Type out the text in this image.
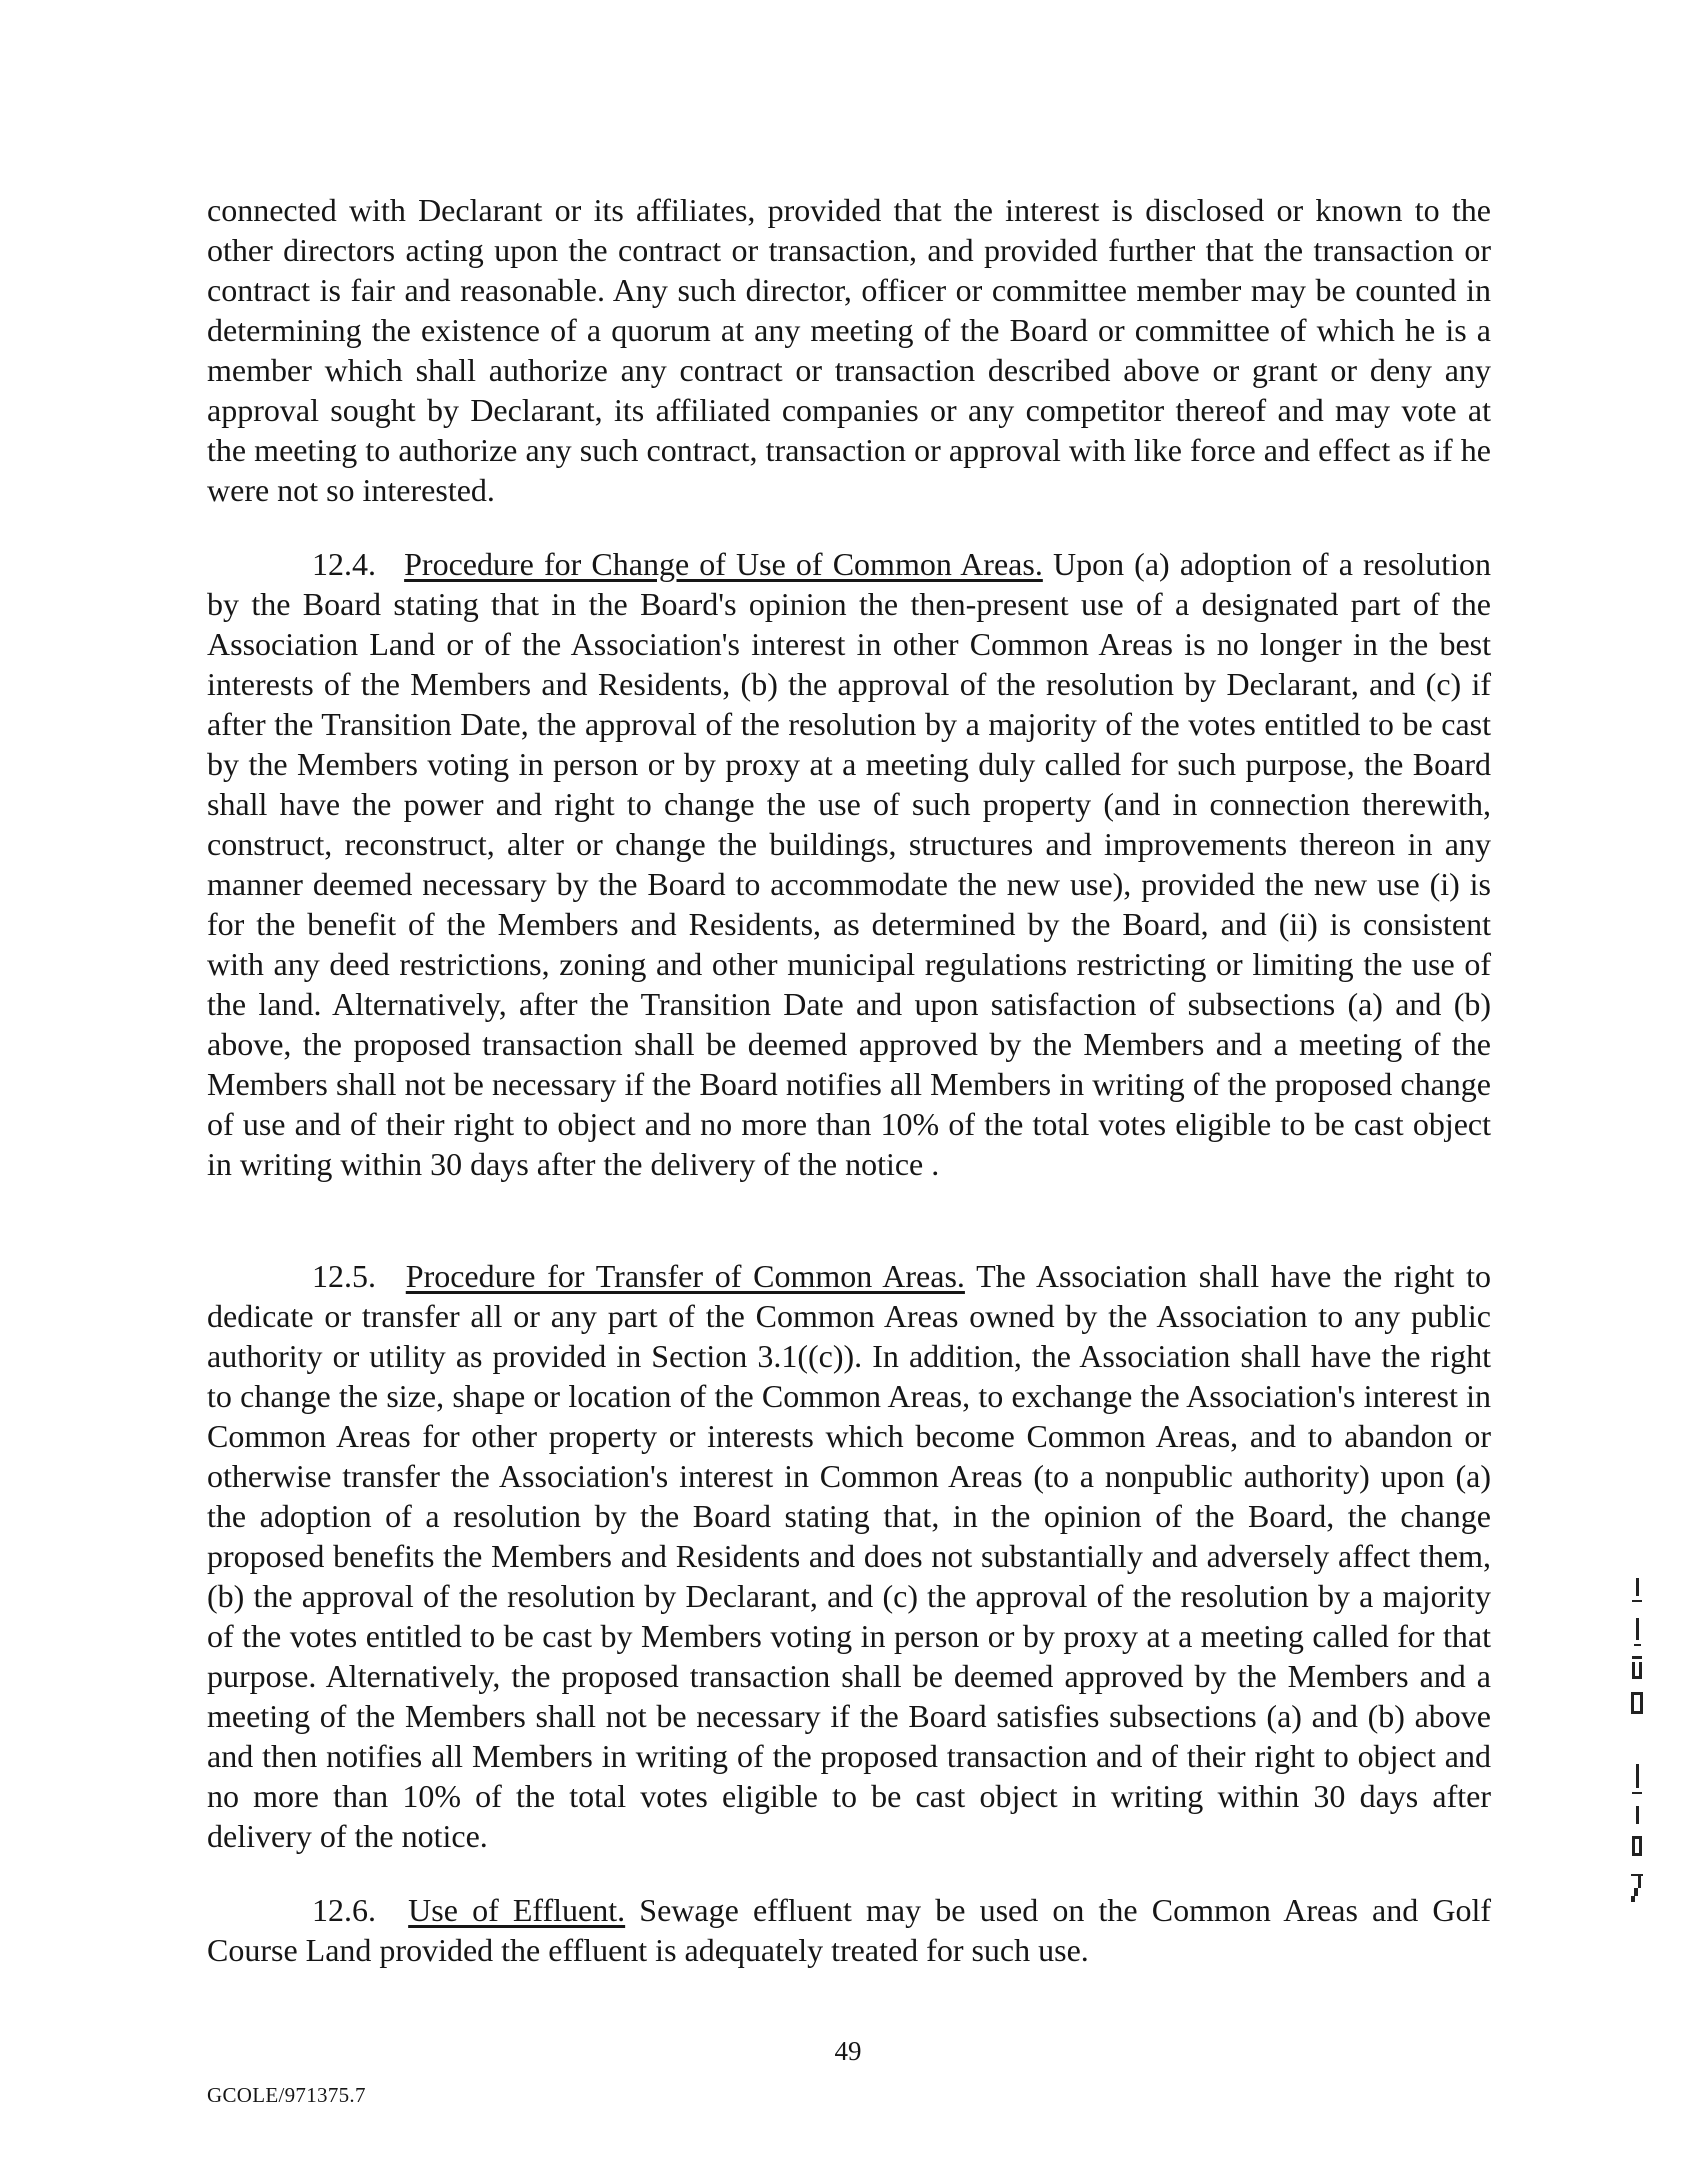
connected with Declarant or its affiliates, provided that the interest is disclosed or known to the other directors acting upon the contract or transaction, and provided further that the transaction or contract is fair and reasonable. Any such director, officer or committee member may be counted in determining the existence of a quorum at any meeting of the Board or committee of which he is a member which shall authorize any contract or transaction described above or grant or deny any approval sought by Declarant, its affiliated companies or any competitor thereof and may vote at the meeting to authorize any such contract, transaction or approval with like force and effect as if he were not so interested.

12.4. Procedure for Change of Use of Common Areas. Upon (a) adoption of a resolution by the Board stating that in the Board's opinion the then-present use of a designated part of the Association Land or of the Association's interest in other Common Areas is no longer in the best interests of the Members and Residents, (b) the approval of the resolution by Declarant, and (c) if after the Transition Date, the approval of the resolution by a majority of the votes entitled to be cast by the Members voting in person or by proxy at a meeting duly called for such purpose, the Board shall have the power and right to change the use of such property (and in connection therewith, construct, reconstruct, alter or change the buildings, structures and improvements thereon in any manner deemed necessary by the Board to accommodate the new use), provided the new use (i) is for the benefit of the Members and Residents, as determined by the Board, and (ii) is consistent with any deed restrictions, zoning and other municipal regulations restricting or limiting the use of the land. Alternatively, after the Transition Date and upon satisfaction of subsections (a) and (b) above, the proposed transaction shall be deemed approved by the Members and a meeting of the Members shall not be necessary if the Board notifies all Members in writing of the proposed change of use and of their right to object and no more than 10% of the total votes eligible to be cast object in writing within 30 days after the delivery of the notice .

12.5. Procedure for Transfer of Common Areas. The Association shall have the right to dedicate or transfer all or any part of the Common Areas owned by the Association to any public authority or utility as provided in Section 3.1((c)). In addition, the Association shall have the right to change the size, shape or location of the Common Areas, to exchange the Association's interest in Common Areas for other property or interests which become Common Areas, and to abandon or otherwise transfer the Association's interest in Common Areas (to a nonpublic authority) upon (a) the adoption of a resolution by the Board stating that, in the opinion of the Board, the change proposed benefits the Members and Residents and does not substantially and adversely affect them, (b) the approval of the resolution by Declarant, and (c) the approval of the resolution by a majority of the votes entitled to be cast by Members voting in person or by proxy at a meeting called for that purpose. Alternatively, the proposed transaction shall be deemed approved by the Members and a meeting of the Members shall not be necessary if the Board satisfies subsections (a) and (b) above and then notifies all Members in writing of the proposed transaction and of their right to object and no more than 10% of the total votes eligible to be cast object in writing within 30 days after delivery of the notice.

12.6. Use of Effluent. Sewage effluent may be used on the Common Areas and Golf Course Land provided the effluent is adequately treated for such use.

49
GCOLE/971375.7
